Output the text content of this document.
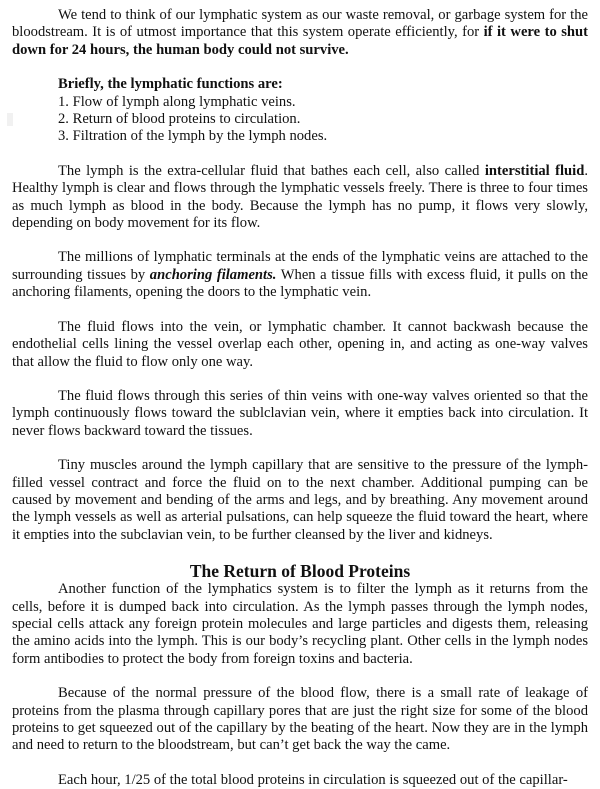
We tend to think of our lymphatic system as our waste removal, or garbage system for the bloodstream. It is of utmost importance that this system operate efficiently, for if it were to shut down for 24 hours, the human body could not survive.

Briefly, the lymphatic functions are:
1. Flow of lymph along lymphatic veins.
2. Return of blood proteins to circulation.
3. Filtration of the lymph by the lymph nodes.

The lymph is the extra-cellular fluid that bathes each cell, also called interstitial fluid. Healthy lymph is clear and flows through the lymphatic vessels freely. There is three to four times as much lymph as blood in the body. Because the lymph has no pump, it flows very slowly, depending on body movement for its flow.

The millions of lymphatic terminals at the ends of the lymphatic veins are attached to the surrounding tissues by anchoring filaments. When a tissue fills with excess fluid, it pulls on the anchoring filaments, opening the doors to the lymphatic vein.

The fluid flows into the vein, or lymphatic chamber. It cannot backwash because the endothelial cells lining the vessel overlap each other, opening in, and acting as one-way valves that allow the fluid to flow only one way.

The fluid flows through this series of thin veins with one-way valves oriented so that the lymph continuously flows toward the sublclavian vein, where it empties back into circulation. It never flows backward toward the tissues.

Tiny muscles around the lymph capillary that are sensitive to the pressure of the lymph-filled vessel contract and force the fluid on to the next chamber. Additional pumping can be caused by movement and bending of the arms and legs, and by breathing. Any movement around the lymph vessels as well as arterial pulsations, can help squeeze the fluid toward the heart, where it empties into the subclavian vein, to be further cleansed by the liver and kidneys.

The Return of Blood Proteins

Another function of the lymphatics system is to filter the lymph as it returns from the cells, before it is dumped back into circulation. As the lymph passes through the lymph nodes, special cells attack any foreign protein molecules and large particles and digests them, releasing the amino acids into the lymph. This is our body’s recycling plant. Other cells in the lymph nodes form antibodies to protect the body from foreign toxins and bacteria.

Because of the normal pressure of the blood flow, there is a small rate of leakage of proteins from the plasma through capillary pores that are just the right size for some of the blood proteins to get squeezed out of the capillary by the beating of the heart. Now they are in the lymph and need to return to the bloodstream, but can’t get back the way the came.

Each hour, 1/25 of the total blood proteins in circulation is squeezed out of the capillar-
